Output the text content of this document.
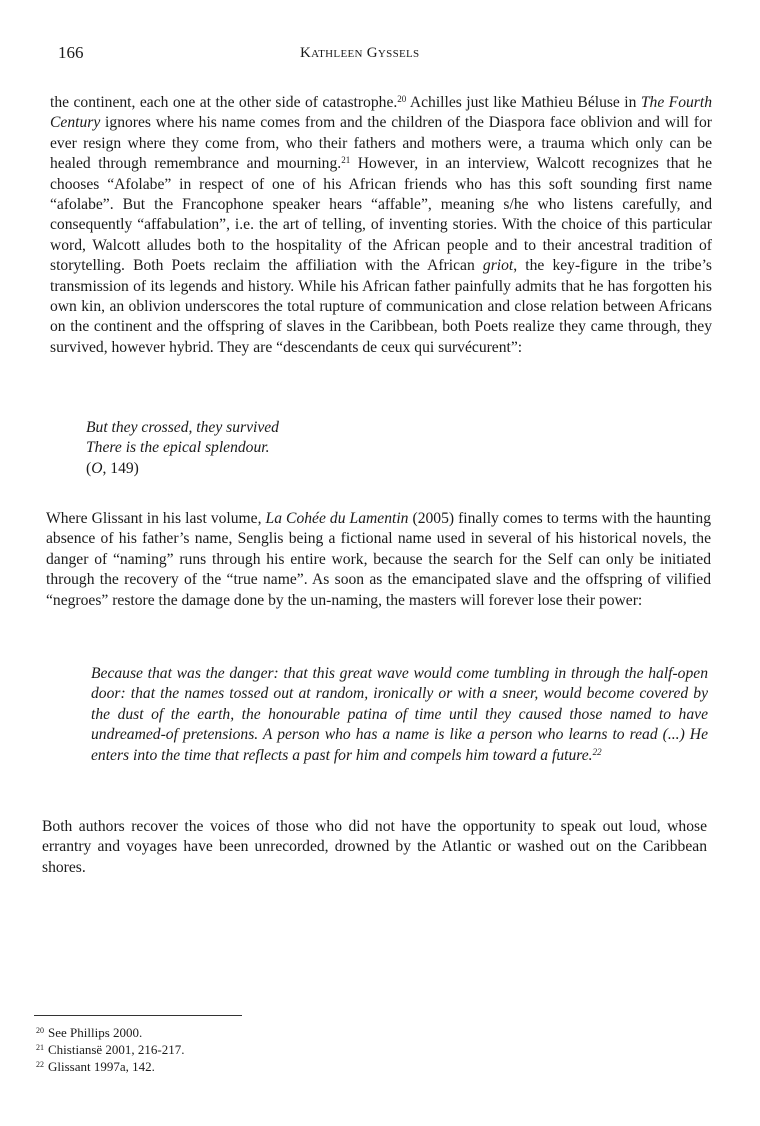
166	Kathleen Gyssels

the continent, each one at the other side of catastrophe.$^{20}$ Achilles just like Mathieu Béluse in The Fourth Century ignores where his name comes from and the children of the Diaspora face oblivion and will for ever resign where they come from, who their fathers and mothers were, a trauma which only can be healed through remembrance and mourning.$^{21}$ However, in an interview, Walcott recognizes that he chooses “Afolabe” in respect of one of his African friends who has this soft sounding first name “afolabe”. But the Francophone speaker hears “affable”, meaning s/he who listens carefully, and consequently “affabulation”, i.e. the art of telling, of inventing stories. With the choice of this particular word, Walcott alludes both to the hospitality of the African people and to their ancestral tradition of storytelling. Both Poets reclaim the affiliation with the African griot, the key-figure in the tribe’s transmission of its legends and history. While his African father painfully admits that he has forgotten his own kin, an oblivion underscores the total rupture of communication and close relation between Africans on the continent and the offspring of slaves in the Caribbean, both Poets realize they came through, they survived, however hybrid. They are “descendants de ceux qui survécurent”:

But they crossed, they survived
There is the epical splendour.
(O, 149)

Where Glissant in his last volume, La Cohée du Lamentin (2005) finally comes to terms with the haunting absence of his father’s name, Senglis being a fictional name used in several of his historical novels, the danger of “naming” runs through his entire work, because the search for the Self can only be initiated through the recovery of the “true name”. As soon as the emancipated slave and the offspring of vilified “negroes” restore the damage done by the un-naming, the masters will forever lose their power:

Because that was the danger: that this great wave would come tumbling in through the half-open door: that the names tossed out at random, ironically or with a sneer, would become covered by the dust of the earth, the honourable patina of time until they caused those named to have undreamed-of pretensions. A person who has a name is like a person who learns to read (...) He enters into the time that reflects a past for him and compels him toward a future.$^{22}$

Both authors recover the voices of those who did not have the opportunity to speak out loud, whose errantry and voyages have been unrecorded, drowned by the Atlantic or washed out on the Caribbean shores.

$^{20}$ See Phillips 2000.
$^{21}$ Chistiansë 2001, 216-217.
$^{22}$ Glissant 1997a, 142.
